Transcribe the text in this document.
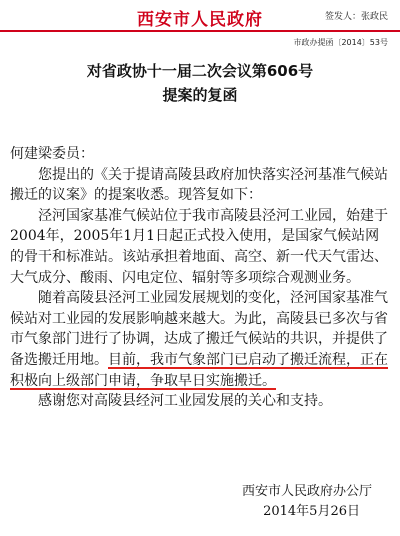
西安市人民政府	签发人：张政民
市政办提函〔2014〕53号
对省政协十一届二次会议第606号
提案的复函

何建梁委员：

您提出的《关于提请高陵县政府加快落实泾河基准气候站搬迁的议案》的提案收悉。现答复如下：

泾河国家基准气候站位于我市高陵县泾河工业园，始建于2004年，2005年1月1日起正式投入使用，是国家气候站网的骨干和标准站。该站承担着地面、高空、新一代天气雷达、大气成分、酸雨、闪电定位、辐射等多项综合观测业务。

随着高陵县泾河工业园发展规划的变化，泾河国家基准气候站对工业园的发展影响越来越大。为此，高陵县已多次与省市气象部门进行了协调，达成了搬迁气候站的共识，并提供了备选搬迁用地。目前，我市气象部门已启动了搬迁流程，正在积极向上级部门申请，争取早日实施搬迁。

感谢您对高陵县经河工业园发展的关心和支持。

西安市人民政府办公厅
2014年5月26日
